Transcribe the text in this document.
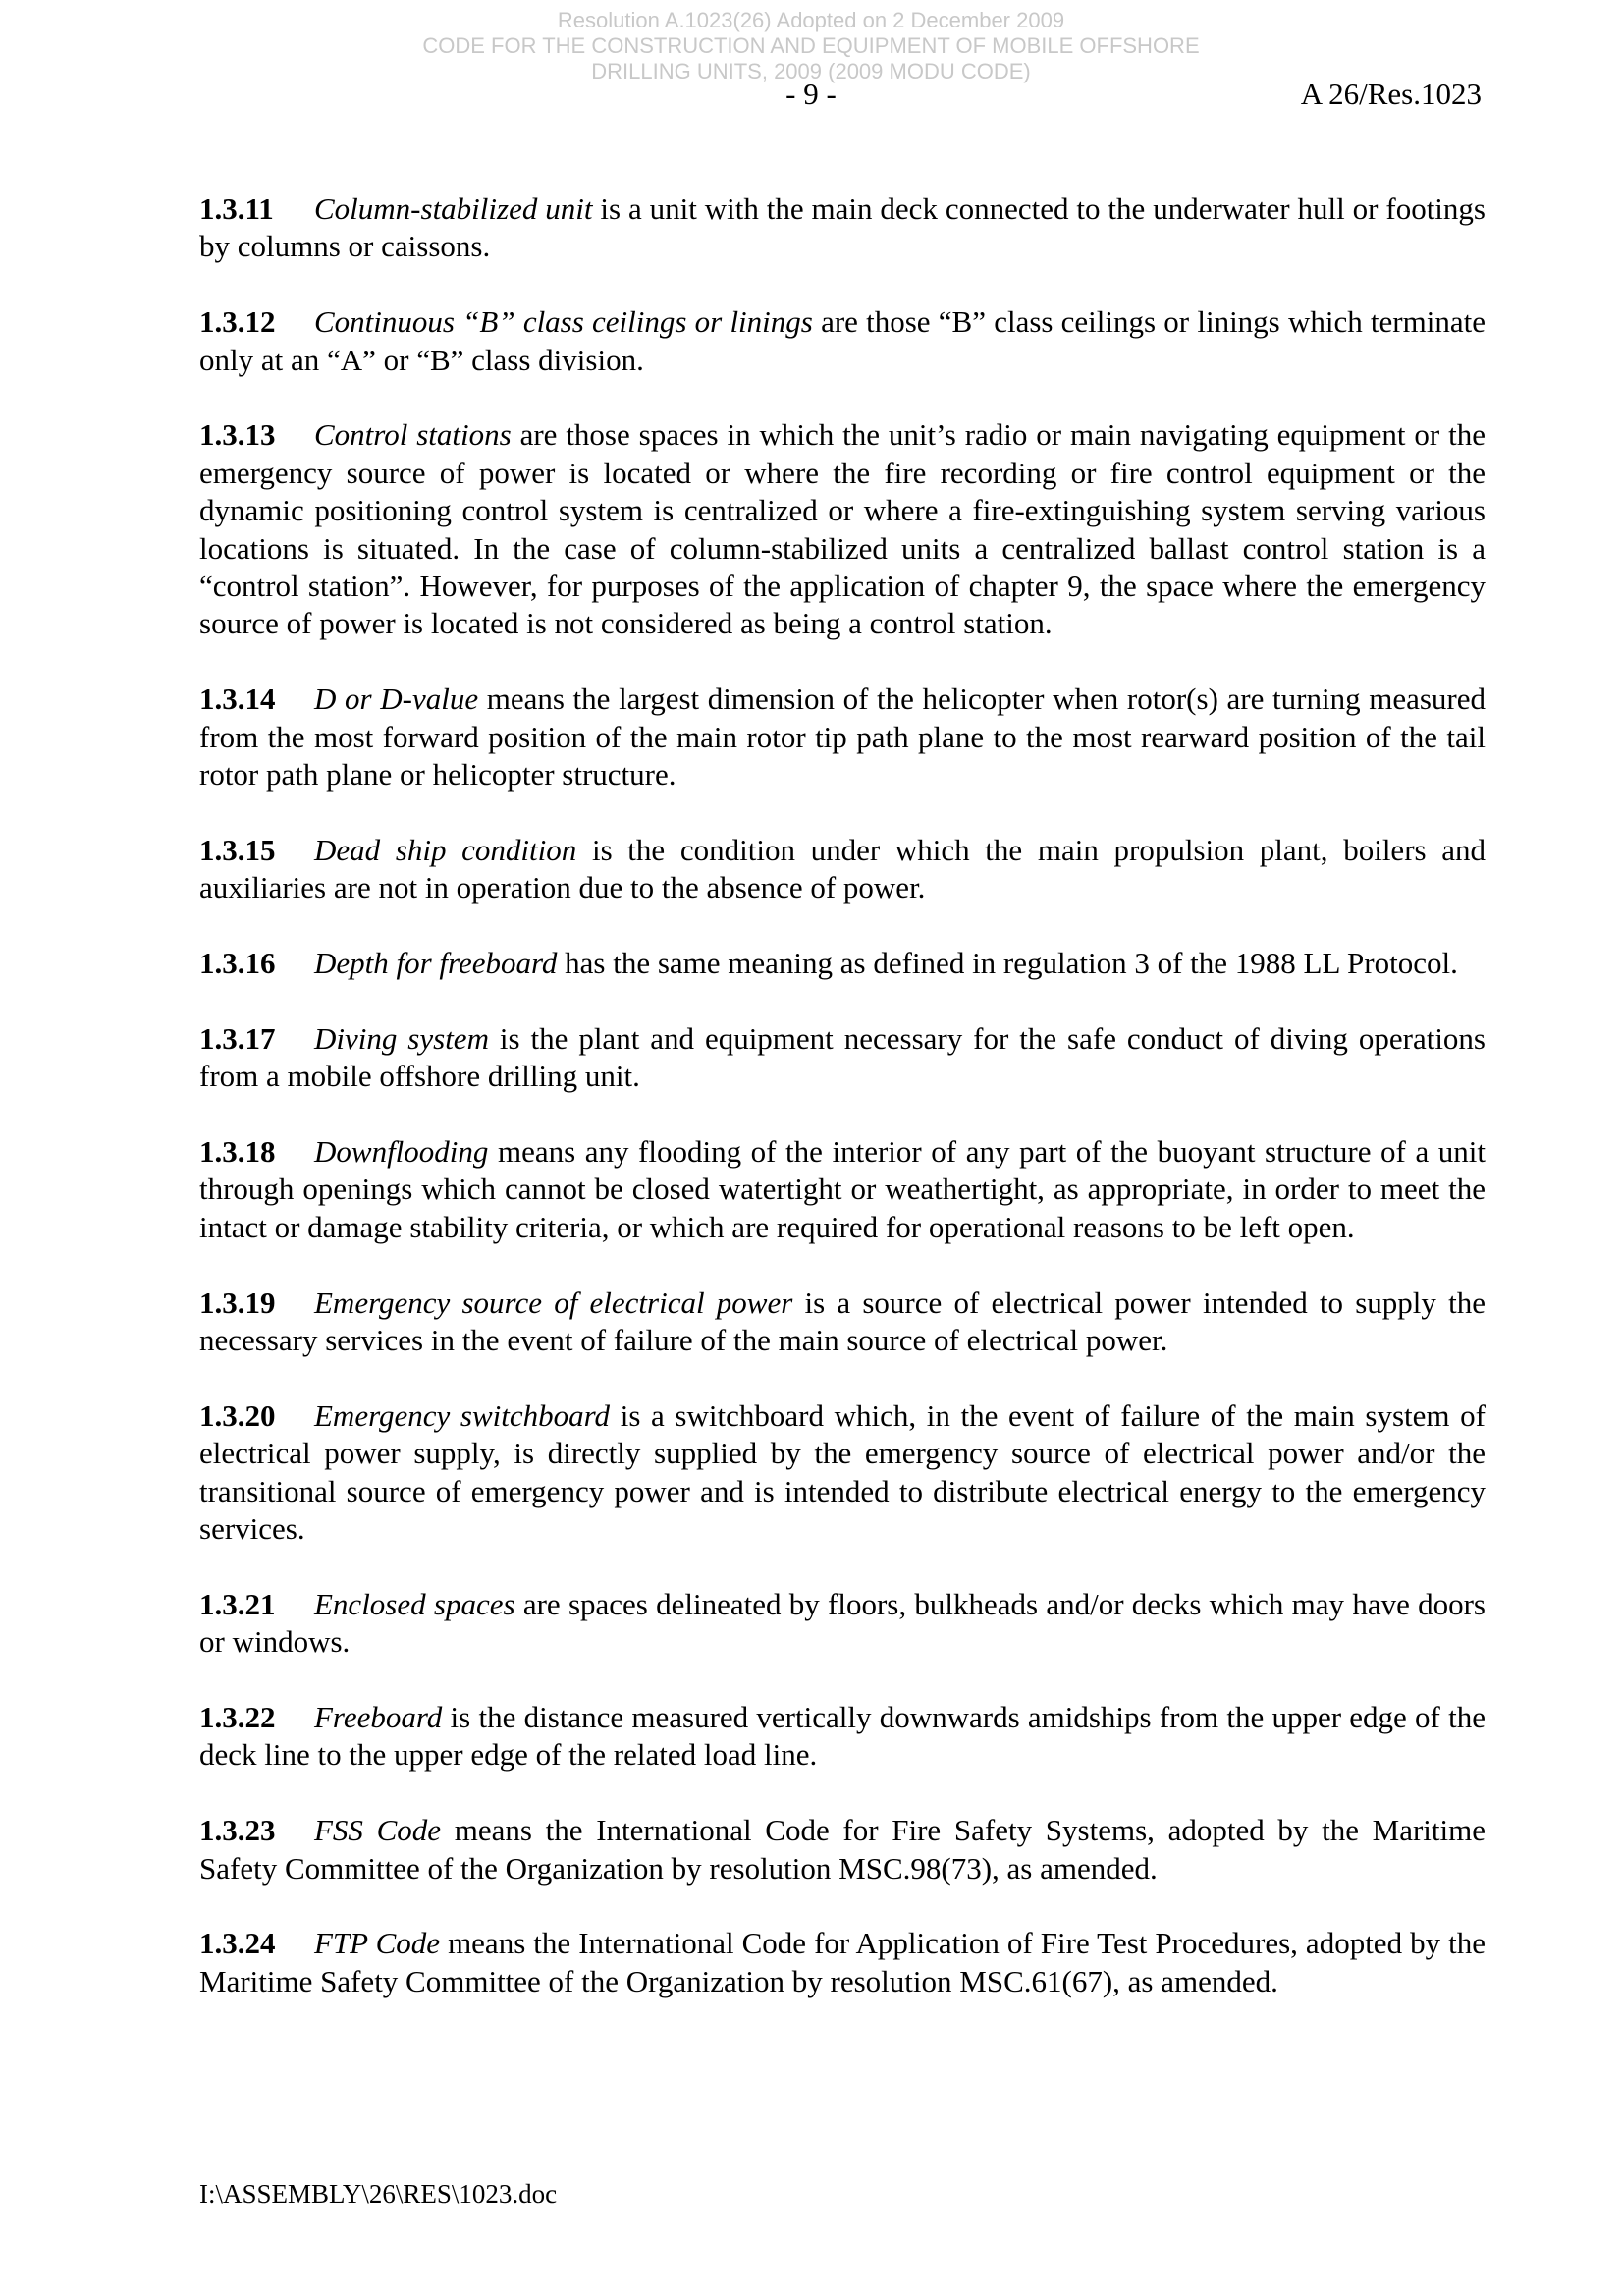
Resolution A.1023(26) Adopted on 2 December 2009
CODE FOR THE CONSTRUCTION AND EQUIPMENT OF MOBILE OFFSHORE
DRILLING UNITS, 2009 (2009 MODU CODE)
- 9 -	A 26/Res.1023

1.3.11 Column-stabilized unit is a unit with the main deck connected to the underwater hull or footings by columns or caissons.

1.3.12 Continuous “B” class ceilings or linings are those “B” class ceilings or linings which terminate only at an “A” or “B” class division.

1.3.13 Control stations are those spaces in which the unit’s radio or main navigating equipment or the emergency source of power is located or where the fire recording or fire control equipment or the dynamic positioning control system is centralized or where a fire-extinguishing system serving various locations is situated. In the case of column-stabilized units a centralized ballast control station is a “control station”. However, for purposes of the application of chapter 9, the space where the emergency source of power is located is not considered as being a control station.

1.3.14 D or D-value means the largest dimension of the helicopter when rotor(s) are turning measured from the most forward position of the main rotor tip path plane to the most rearward position of the tail rotor path plane or helicopter structure.

1.3.15 Dead ship condition is the condition under which the main propulsion plant, boilers and auxiliaries are not in operation due to the absence of power.

1.3.16 Depth for freeboard has the same meaning as defined in regulation 3 of the 1988 LL Protocol.

1.3.17 Diving system is the plant and equipment necessary for the safe conduct of diving operations from a mobile offshore drilling unit.

1.3.18 Downflooding means any flooding of the interior of any part of the buoyant structure of a unit through openings which cannot be closed watertight or weathertight, as appropriate, in order to meet the intact or damage stability criteria, or which are required for operational reasons to be left open.

1.3.19 Emergency source of electrical power is a source of electrical power intended to supply the necessary services in the event of failure of the main source of electrical power.

1.3.20 Emergency switchboard is a switchboard which, in the event of failure of the main system of electrical power supply, is directly supplied by the emergency source of electrical power and/or the transitional source of emergency power and is intended to distribute electrical energy to the emergency services.

1.3.21 Enclosed spaces are spaces delineated by floors, bulkheads and/or decks which may have doors or windows.

1.3.22 Freeboard is the distance measured vertically downwards amidships from the upper edge of the deck line to the upper edge of the related load line.

1.3.23 FSS Code means the International Code for Fire Safety Systems, adopted by the Maritime Safety Committee of the Organization by resolution MSC.98(73), as amended.

1.3.24 FTP Code means the International Code for Application of Fire Test Procedures, adopted by the Maritime Safety Committee of the Organization by resolution MSC.61(67), as amended.

I:\ASSEMBLY\26\RES\1023.doc
